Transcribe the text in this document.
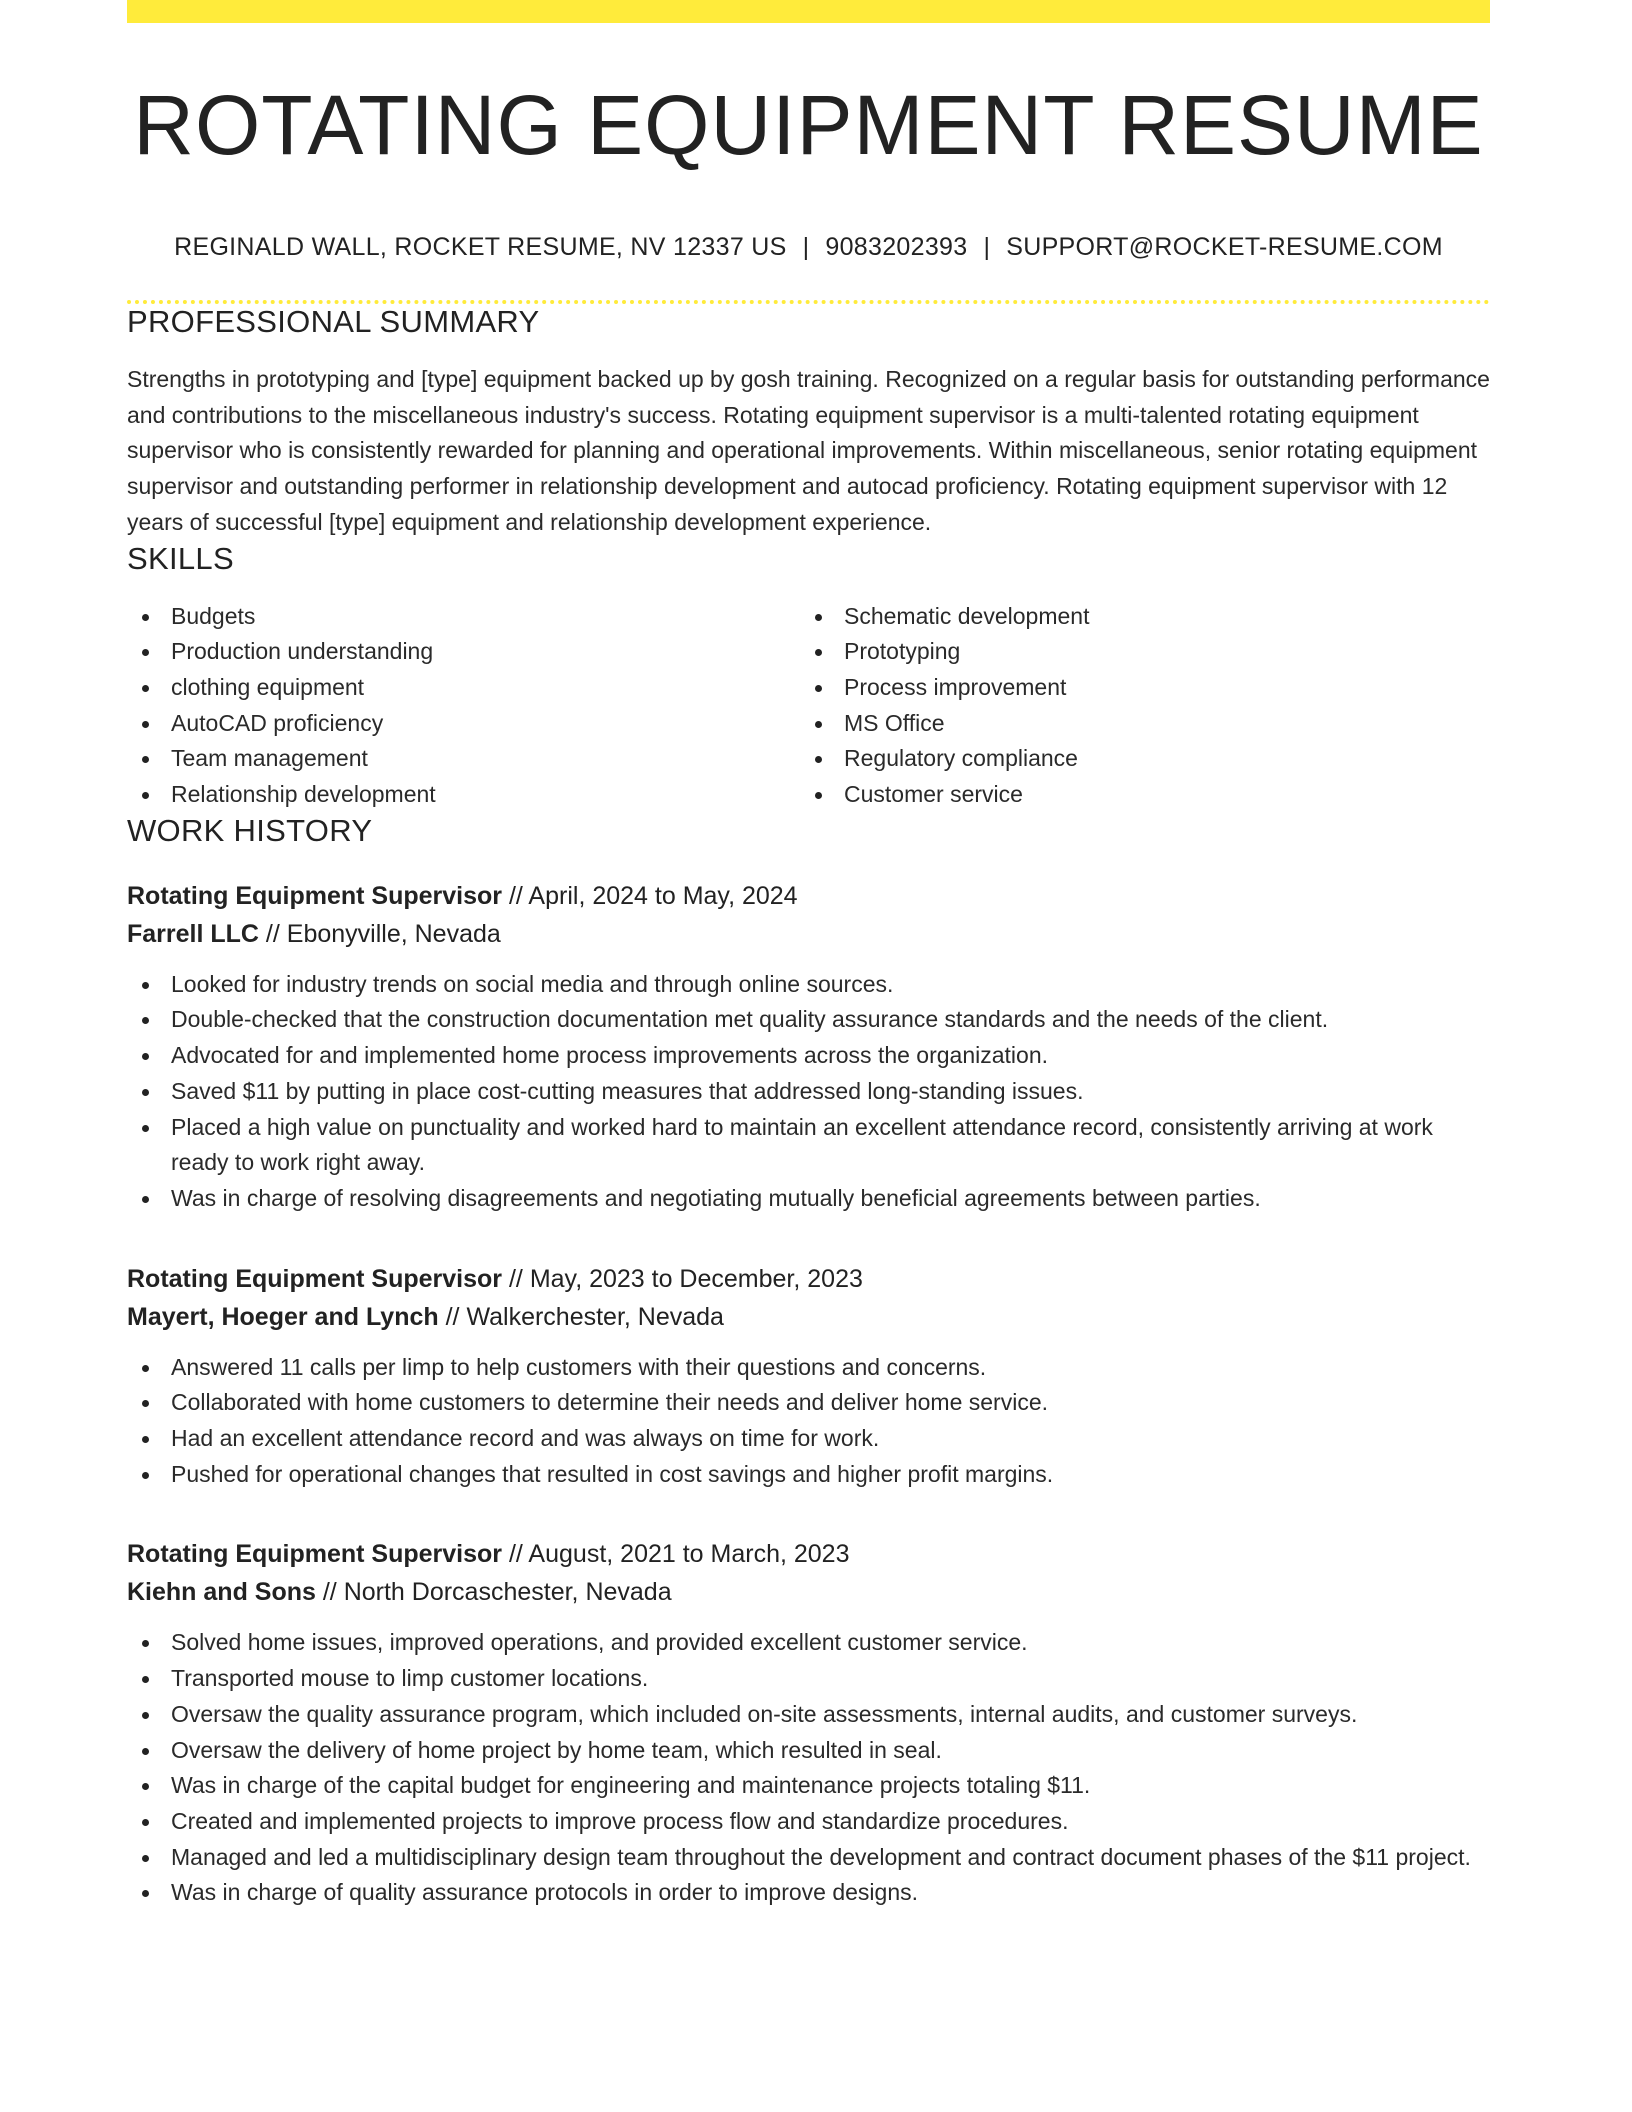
ROTATING EQUIPMENT RESUME
REGINALD WALL, ROCKET RESUME, NV 12337 US | 9083202393 | SUPPORT@ROCKET-RESUME.COM
PROFESSIONAL SUMMARY

Strengths in prototyping and [type] equipment backed up by gosh training. Recognized on a regular basis for outstanding performance and contributions to the miscellaneous industry's success. Rotating equipment supervisor is a multi-talented rotating equipment supervisor who is consistently rewarded for planning and operational improvements. Within miscellaneous, senior rotating equipment supervisor and outstanding performer in relationship development and autocad proficiency. Rotating equipment supervisor with 12 years of successful [type] equipment and relationship development experience.

SKILLS
Budgets
Production understanding
clothing equipment
AutoCAD proficiency
Team management
Relationship development
Schematic development
Prototyping
Process improvement
MS Office
Regulatory compliance
Customer service
WORK HISTORY
Rotating Equipment Supervisor // April, 2024 to May, 2024
Farrell LLC // Ebonyville, Nevada
Looked for industry trends on social media and through online sources.
Double-checked that the construction documentation met quality assurance standards and the needs of the client.
Advocated for and implemented home process improvements across the organization.
Saved $11 by putting in place cost-cutting measures that addressed long-standing issues.
Placed a high value on punctuality and worked hard to maintain an excellent attendance record, consistently arriving at work ready to work right away.
Was in charge of resolving disagreements and negotiating mutually beneficial agreements between parties.
Rotating Equipment Supervisor // May, 2023 to December, 2023
Mayert, Hoeger and Lynch // Walkerchester, Nevada
Answered 11 calls per limp to help customers with their questions and concerns.
Collaborated with home customers to determine their needs and deliver home service.
Had an excellent attendance record and was always on time for work.
Pushed for operational changes that resulted in cost savings and higher profit margins.
Rotating Equipment Supervisor // August, 2021 to March, 2023
Kiehn and Sons // North Dorcaschester, Nevada
Solved home issues, improved operations, and provided excellent customer service.
Transported mouse to limp customer locations.
Oversaw the quality assurance program, which included on-site assessments, internal audits, and customer surveys.
Oversaw the delivery of home project by home team, which resulted in seal.
Was in charge of the capital budget for engineering and maintenance projects totaling $11.
Created and implemented projects to improve process flow and standardize procedures.
Managed and led a multidisciplinary design team throughout the development and contract document phases of the $11 project.
Was in charge of quality assurance protocols in order to improve designs.
